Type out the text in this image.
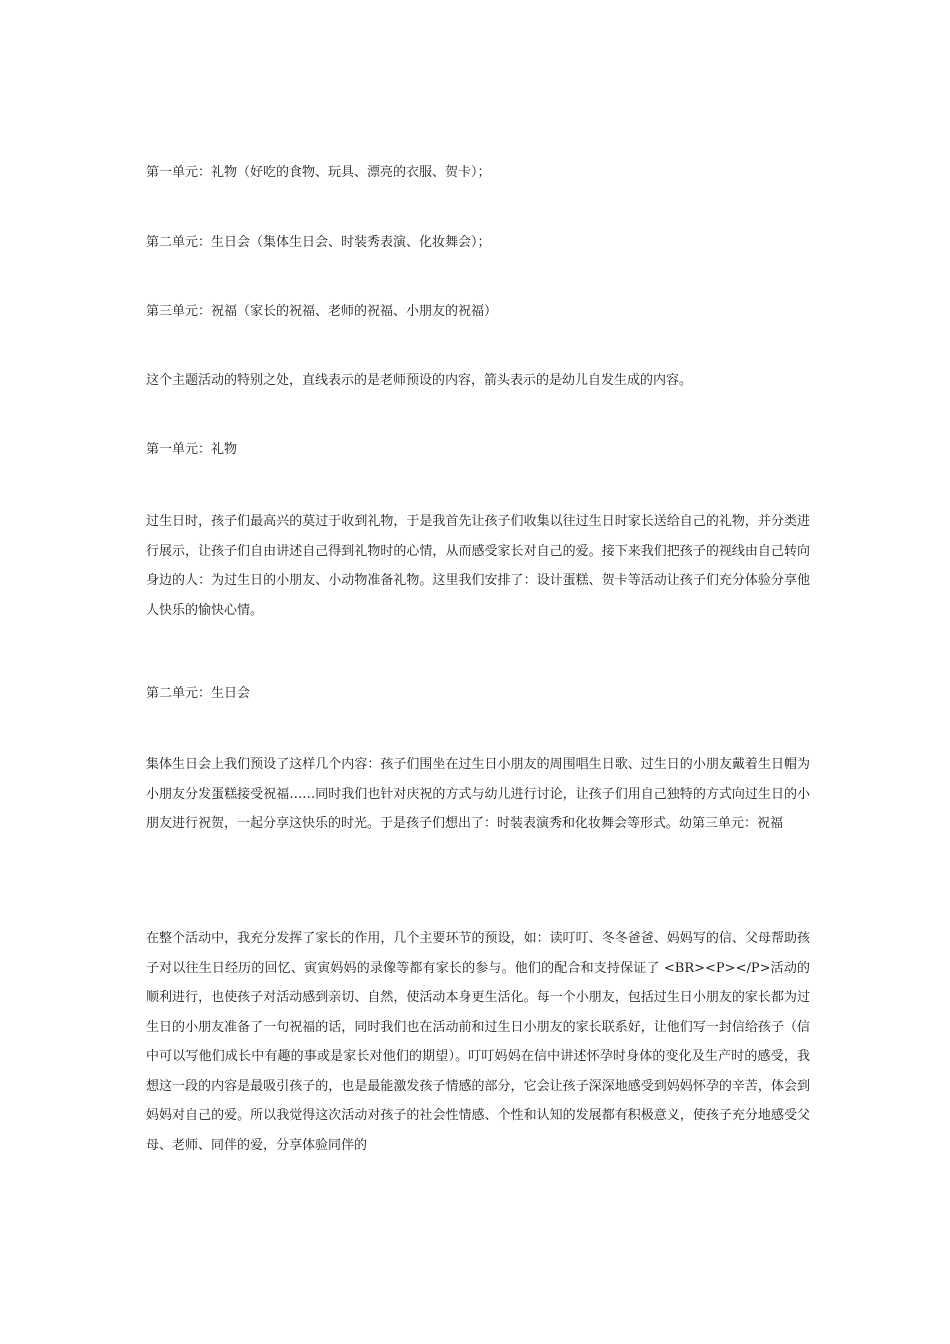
第一单元：礼物（好吃的食物、玩具、漂亮的衣服、贺卡）；

第二单元：生日会（集体生日会、时装秀表演、化妆舞会）；

第三单元：祝福（家长的祝福、老师的祝福、小朋友的祝福）

这个主题活动的特别之处，直线表示的是老师预设的内容，箭头表示的是幼儿自发生成的内容。

第一单元：礼物

过生日时，孩子们最高兴的莫过于收到礼物，于是我首先让孩子们收集以往过生日时家长送给自己的礼物，并分类进行展示，让孩子们自由讲述自己得到礼物时的心情，从而感受家长对自己的爱。接下来我们把孩子的视线由自己转向身边的人：为过生日的小朋友、小动物准备礼物。这里我们安排了：设计蛋糕、贺卡等活动让孩子们充分体验分享他人快乐的愉快心情。

第二单元：生日会

集体生日会上我们预设了这样几个内容：孩子们围坐在过生日小朋友的周围唱生日歌、过生日的小朋友戴着生日帽为小朋友分发蛋糕接受祝福……同时我们也针对庆祝的方式与幼儿进行讨论，让孩子们用自己独特的方式向过生日的小朋友进行祝贺，一起分享这快乐的时光。于是孩子们想出了：时装表演秀和化妆舞会等形式。幼第三单元：祝福

在整个活动中，我充分发挥了家长的作用，几个主要环节的预设，如：读叮叮、冬冬爸爸、妈妈写的信、父母帮助孩子对以往生日经历的回忆、寅寅妈妈的录像等都有家长的参与。他们的配合和支持保证了 <BR><P></P>活动的顺利进行，也使孩子对活动感到亲切、自然，使活动本身更生活化。每一个小朋友，包括过生日小朋友的家长都为过生日的小朋友准备了一句祝福的话，同时我们也在活动前和过生日小朋友的家长联系好，让他们写一封信给孩子（信中可以写他们成长中有趣的事或是家长对他们的期望）。叮叮妈妈在信中讲述怀孕时身体的变化及生产时的感受，我想这一段的内容是最吸引孩子的，也是最能激发孩子情感的部分，它会让孩子深深地感受到妈妈怀孕的辛苦，体会到妈妈对自己的爱。所以我觉得这次活动对孩子的社会性情感、个性和认知的发展都有积极意义，使孩子充分地感受父母、老师、同伴的爱，分享体验同伴的
